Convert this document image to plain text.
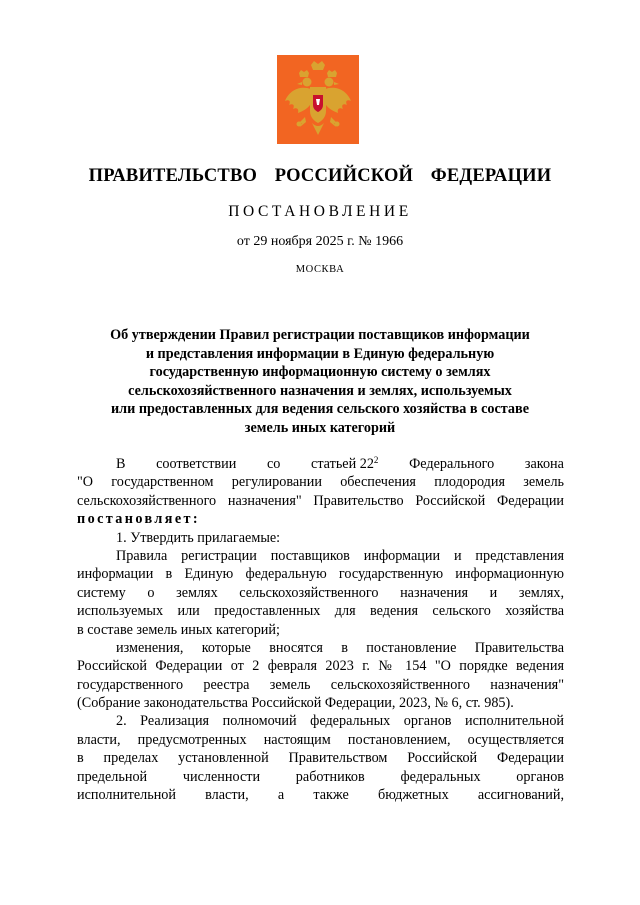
ПРАВИТЕЛЬСТВО  РОССИЙСКОЙ  ФЕДЕРАЦИИ
ПОСТАНОВЛЕНИЕ
от 29 ноября 2025 г. № 1966
МОСКВА
Об утверждении Правил регистрации поставщиков информации
и представления информации в Единую федеральную
государственную информационную систему о землях
сельскохозяйственного назначения и землях, используемых
или предоставленных для ведения сельского хозяйства в составе
земель иных категорий
В соответствии со статьей $22^2$ Федерального закона
"О государственном регулировании обеспечения плодородия земель
сельскохозяйственного назначения" Правительство Российской Федерации
постановляет:
1. Утвердить прилагаемые:
Правила регистрации поставщиков информации и представления
информации в Единую федеральную государственную информационную
систему о землях сельскохозяйственного назначения и землях,
используемых или предоставленных для ведения сельского хозяйства
в составе земель иных категорий;
изменения, которые вносятся в постановление Правительства
Российской Федерации от 2 февраля 2023 г. № 154 "О порядке ведения
государственного реестра земель сельскохозяйственного назначения"
(Собрание законодательства Российской Федерации, 2023, № 6, ст. 985).
2. Реализация полномочий федеральных органов исполнительной
власти, предусмотренных настоящим постановлением, осуществляется
в пределах установленной Правительством Российской Федерации
предельной численности работников федеральных органов
исполнительной власти, а также бюджетных ассигнований,
